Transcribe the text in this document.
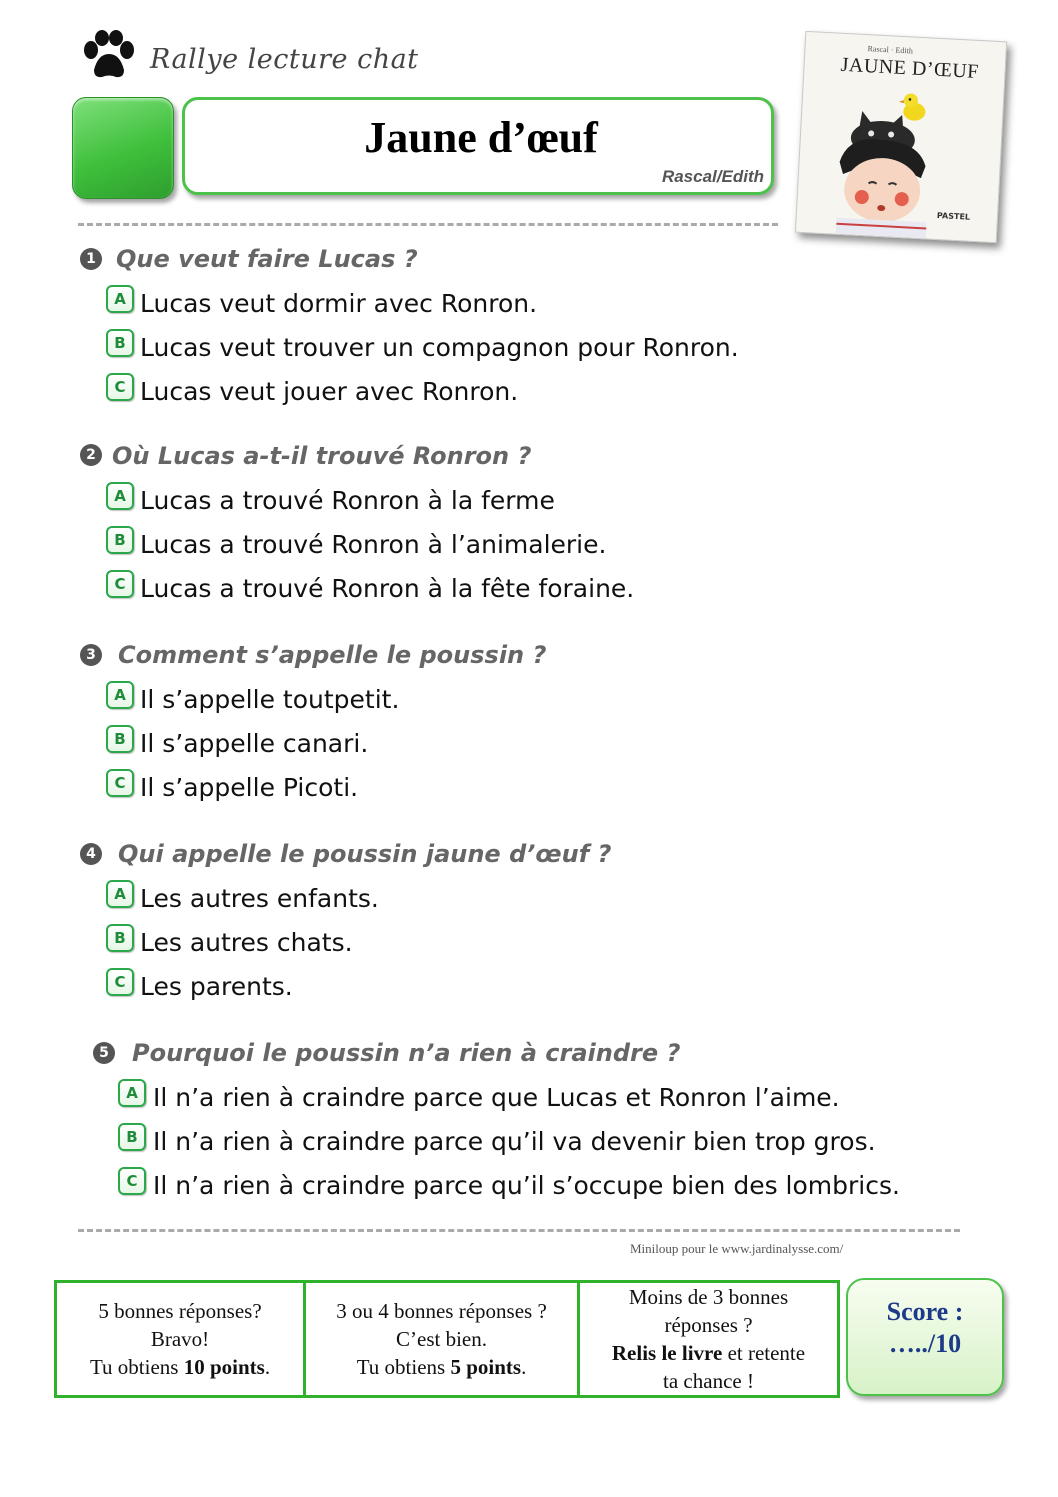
Rallye lecture chat
Jaune d’œuf
Rascal/Edith
Rascal · Edith
JAUNE D’ŒUF
PASTEL
1 Que veut faire Lucas ?
A Lucas veut dormir avec Ronron.
B Lucas veut trouver un compagnon pour Ronron.
C Lucas veut jouer avec Ronron.
2 Où Lucas a-t-il trouvé Ronron ?
A Lucas a trouvé Ronron à la ferme
B Lucas a trouvé Ronron à l’animalerie.
C Lucas a trouvé Ronron à la fête foraine.
3 Comment s’appelle le poussin ?
A Il s’appelle toutpetit.
B Il s’appelle canari.
C Il s’appelle Picoti.
4 Qui appelle le poussin jaune d’œuf ?
A Les autres enfants.
B Les autres chats.
C Les parents.
5 Pourquoi le poussin n’a rien à craindre ?
A Il n’a rien à craindre parce que Lucas et Ronron l’aime.
B Il n’a rien à craindre parce qu’il va devenir bien trop gros.
C Il n’a rien à craindre parce qu’il s’occupe bien des lombrics.
Miniloup pour le www.jardinalysse.com/
5 bonnes réponses?
Bravo!
Tu obtiens 10 points.
3 ou 4 bonnes réponses ?
C’est bien.
Tu obtiens 5 points.
Moins de 3 bonnes
réponses ?
Relis le livre et retente
ta chance !
Score :
…../10
